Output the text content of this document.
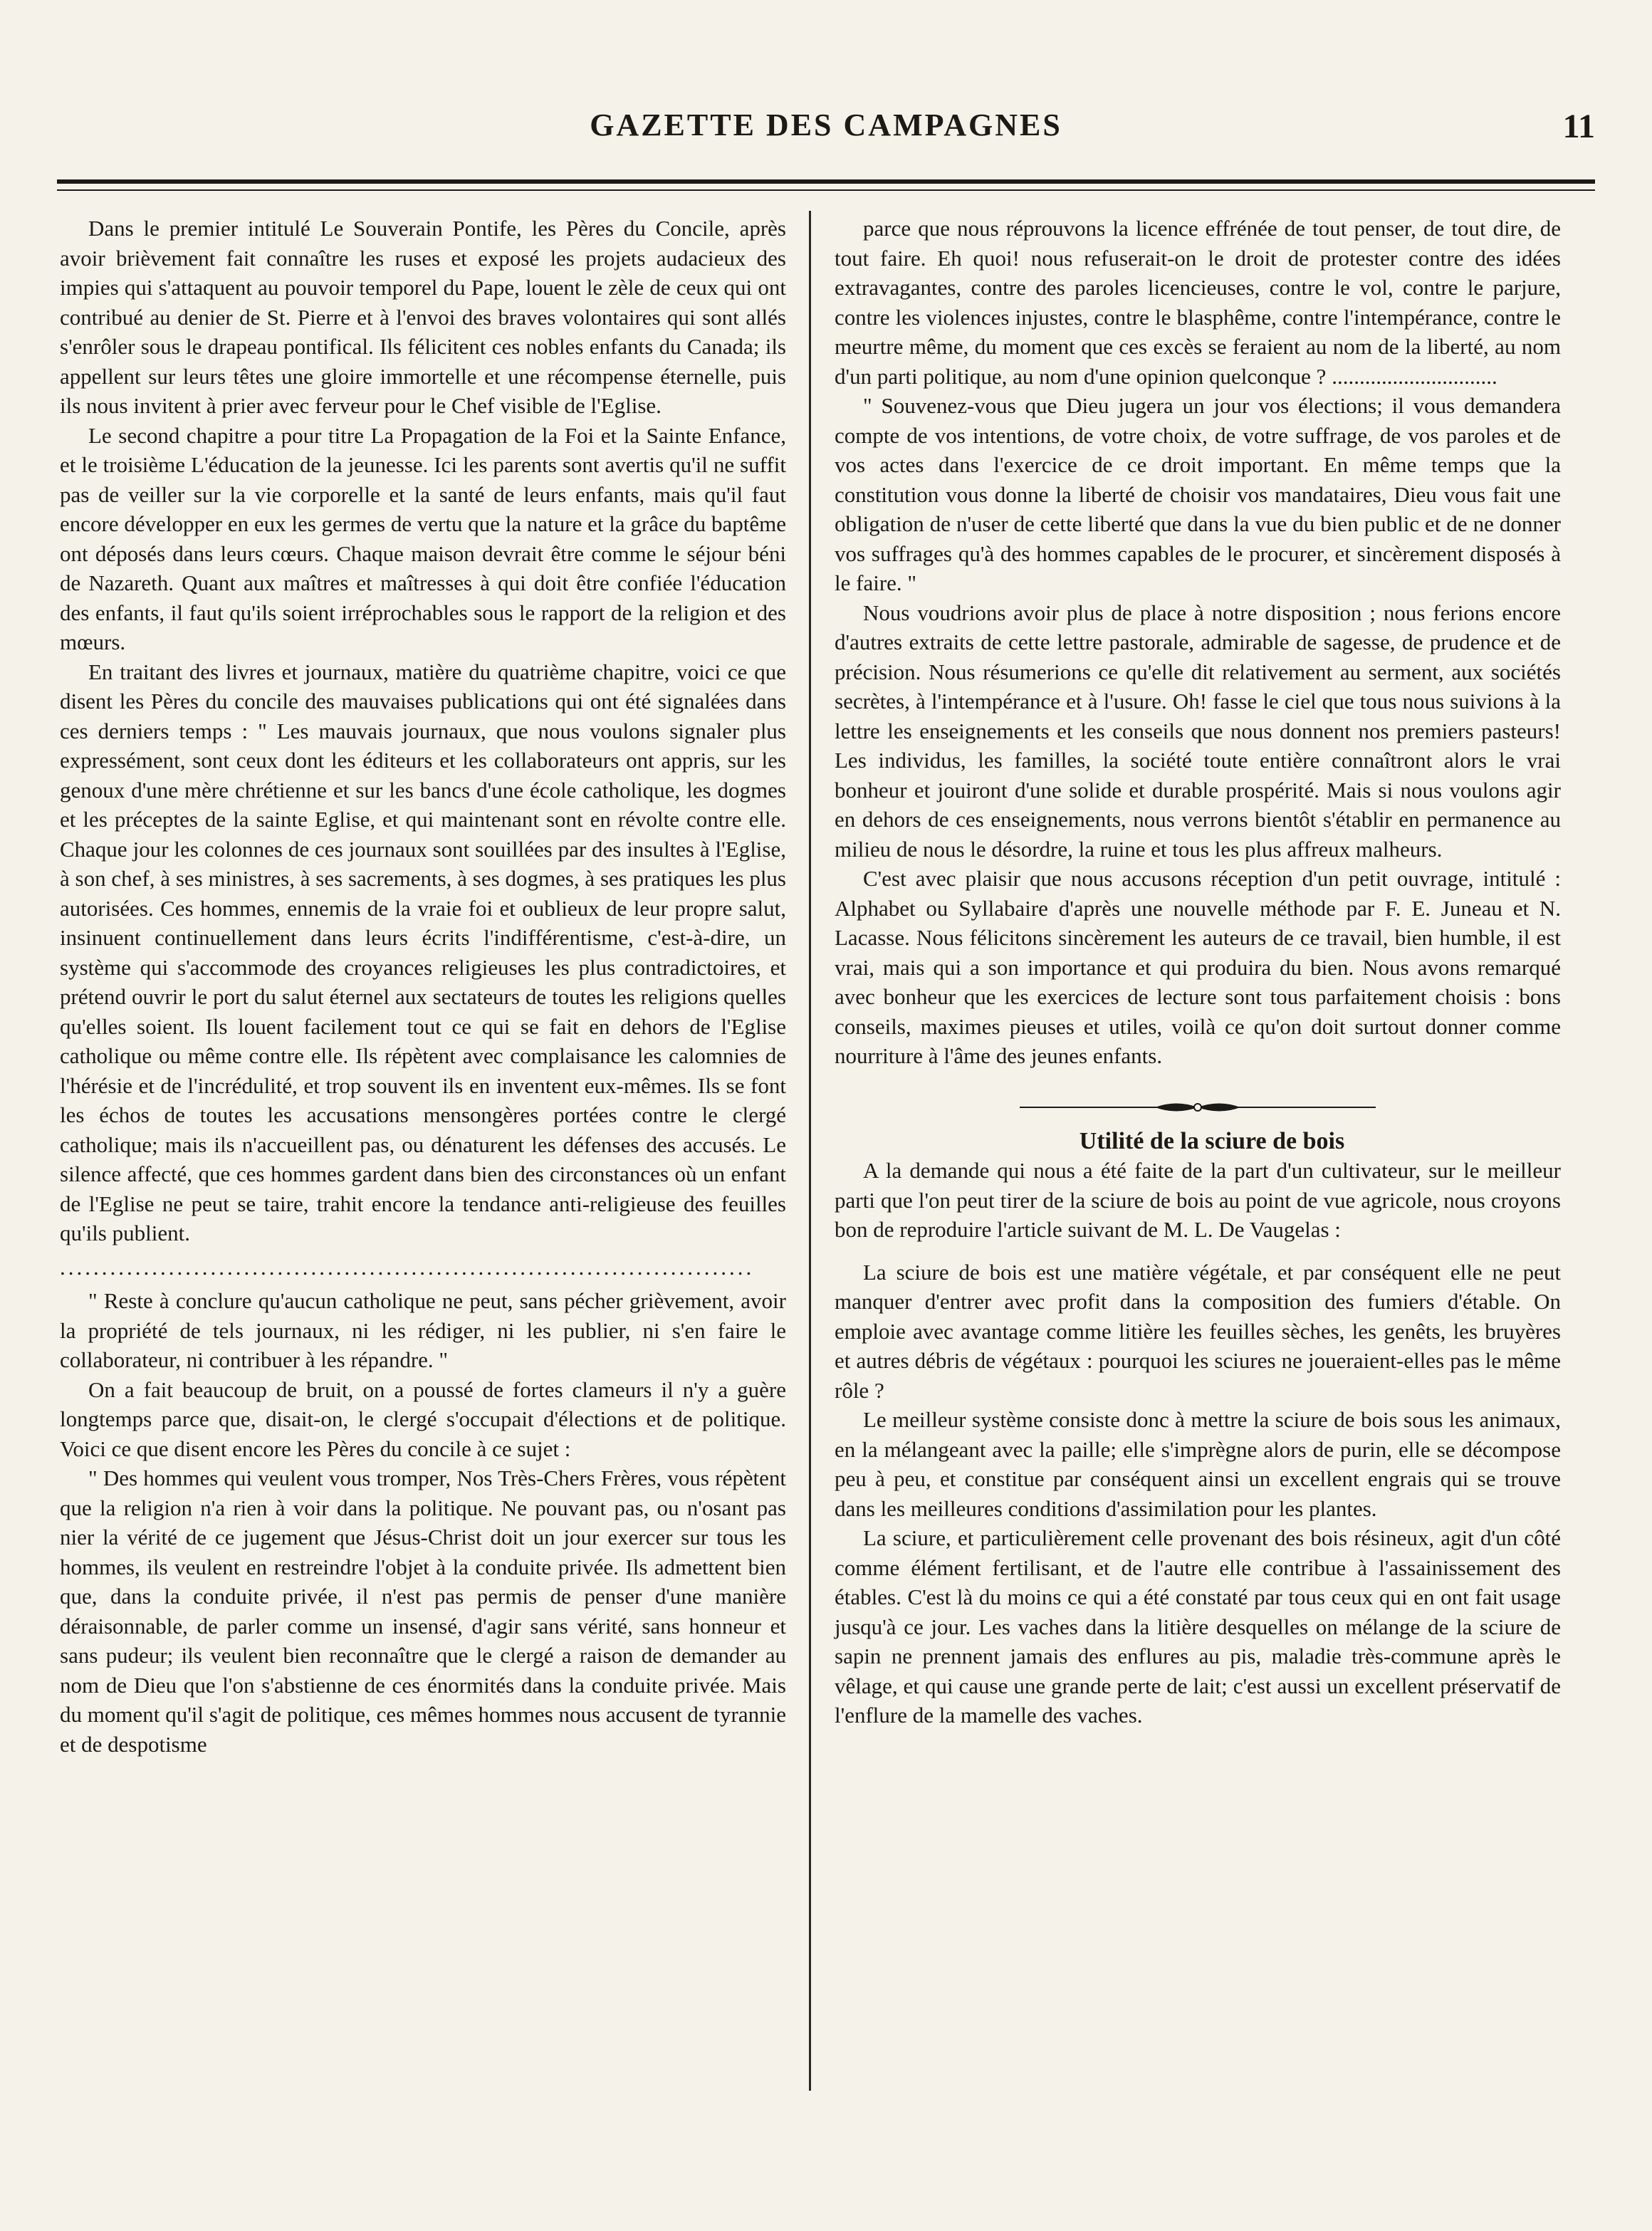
GAZETTE DES CAMPAGNES	11

Dans le premier intitulé Le Souverain Pontife, les Pères du Concile, après avoir brièvement fait connaître les ruses et exposé les projets audacieux des impies qui s'attaquent au pouvoir temporel du Pape, louent le zèle de ceux qui ont contribué au denier de St. Pierre et à l'envoi des braves volontaires qui sont allés s'enrôler sous le drapeau pontifical. Ils félicitent ces nobles enfants du Canada; ils appellent sur leurs têtes une gloire immortelle et une récompense éternelle, puis ils nous invitent à prier avec ferveur pour le Chef visible de l'Eglise.

Le second chapitre a pour titre La Propagation de la Foi et la Sainte Enfance, et le troisième L'éducation de la jeunesse. Ici les parents sont avertis qu'il ne suffit pas de veiller sur la vie corporelle et la santé de leurs enfants, mais qu'il faut encore développer en eux les germes de vertu que la nature et la grâce du baptême ont déposés dans leurs cœurs. Chaque maison devrait être comme le séjour béni de Nazareth. Quant aux maîtres et maîtresses à qui doit être confiée l'éducation des enfants, il faut qu'ils soient irréprochables sous le rapport de la religion et des mœurs.

En traitant des livres et journaux, matière du quatrième chapitre, voici ce que disent les Pères du concile des mauvaises publications qui ont été signalées dans ces derniers temps : " Les mauvais journaux, que nous voulons signaler plus expressément, sont ceux dont les éditeurs et les collaborateurs ont appris, sur les genoux d'une mère chrétienne et sur les bancs d'une école catholique, les dogmes et les préceptes de la sainte Eglise, et qui maintenant sont en révolte contre elle. Chaque jour les colonnes de ces journaux sont souillées par des insultes à l'Eglise, à son chef, à ses ministres, à ses sacrements, à ses dogmes, à ses pratiques les plus autorisées. Ces hommes, ennemis de la vraie foi et oublieux de leur propre salut, insinuent continuellement dans leurs écrits l'indifférentisme, c'est-à-dire, un système qui s'accommode des croyances religieuses les plus contradictoires, et prétend ouvrir le port du salut éternel aux sectateurs de toutes les religions quelles qu'elles soient. Ils louent facilement tout ce qui se fait en dehors de l'Eglise catholique ou même contre elle. Ils répètent avec complaisance les calomnies de l'hérésie et de l'incrédulité, et trop souvent ils en inventent eux-mêmes. Ils se font les échos de toutes les accusations mensongères portées contre le clergé catholique; mais ils n'accueillent pas, ou dénaturent les défenses des accusés. Le silence affecté, que ces hommes gardent dans bien des circonstances où un enfant de l'Eglise ne peut se taire, trahit encore la tendance anti-religieuse des feuilles qu'ils publient.

...................................................................................

" Reste à conclure qu'aucun catholique ne peut, sans pécher grièvement, avoir la propriété de tels journaux, ni les rédiger, ni les publier, ni s'en faire le collaborateur, ni contribuer à les répandre. "

On a fait beaucoup de bruit, on a poussé de fortes clameurs il n'y a guère longtemps parce que, disait-on, le clergé s'occupait d'élections et de politique. Voici ce que disent encore les Pères du concile à ce sujet :

" Des hommes qui veulent vous tromper, Nos Très-Chers Frères, vous répètent que la religion n'a rien à voir dans la politique. Ne pouvant pas, ou n'osant pas nier la vérité de ce jugement que Jésus-Christ doit un jour exercer sur tous les hommes, ils veulent en restreindre l'objet à la conduite privée. Ils admettent bien que, dans la conduite privée, il n'est pas permis de penser d'une manière déraisonnable, de parler comme un insensé, d'agir sans vérité, sans honneur et sans pudeur; ils veulent bien reconnaître que le clergé a raison de demander au nom de Dieu que l'on s'abstienne de ces énormités dans la conduite privée. Mais du moment qu'il s'agit de politique, ces mêmes hommes nous accusent de tyrannie et de despotisme

parce que nous réprouvons la licence effrénée de tout penser, de tout dire, de tout faire. Eh quoi! nous refuserait-on le droit de protester contre des idées extravagantes, contre des paroles licencieuses, contre le vol, contre le parjure, contre les violences injustes, contre le blasphême, contre l'intempérance, contre le meurtre même, du moment que ces excès se feraient au nom de la liberté, au nom d'un parti politique, au nom d'une opinion quelconque ? ..............................

" Souvenez-vous que Dieu jugera un jour vos élections; il vous demandera compte de vos intentions, de votre choix, de votre suffrage, de vos paroles et de vos actes dans l'exercice de ce droit important. En même temps que la constitution vous donne la liberté de choisir vos mandataires, Dieu vous fait une obligation de n'user de cette liberté que dans la vue du bien public et de ne donner vos suffrages qu'à des hommes capables de le procurer, et sincèrement disposés à le faire. "

Nous voudrions avoir plus de place à notre disposition ; nous ferions encore d'autres extraits de cette lettre pastorale, admirable de sagesse, de prudence et de précision. Nous résumerions ce qu'elle dit relativement au serment, aux sociétés secrètes, à l'intempérance et à l'usure. Oh! fasse le ciel que tous nous suivions à la lettre les enseignements et les conseils que nous donnent nos premiers pasteurs! Les individus, les familles, la société toute entière connaîtront alors le vrai bonheur et jouiront d'une solide et durable prospérité. Mais si nous voulons agir en dehors de ces enseignements, nous verrons bientôt s'établir en permanence au milieu de nous le désordre, la ruine et tous les plus affreux malheurs.

C'est avec plaisir que nous accusons réception d'un petit ouvrage, intitulé : Alphabet ou Syllabaire d'après une nouvelle méthode par F. E. Juneau et N. Lacasse. Nous félicitons sincèrement les auteurs de ce travail, bien humble, il est vrai, mais qui a son importance et qui produira du bien. Nous avons remarqué avec bonheur que les exercices de lecture sont tous parfaitement choisis : bons conseils, maximes pieuses et utiles, voilà ce qu'on doit surtout donner comme nourriture à l'âme des jeunes enfants.

Utilité de la sciure de bois

A la demande qui nous a été faite de la part d'un cultivateur, sur le meilleur parti que l'on peut tirer de la sciure de bois au point de vue agricole, nous croyons bon de reproduire l'article suivant de M. L. De Vaugelas :

La sciure de bois est une matière végétale, et par conséquent elle ne peut manquer d'entrer avec profit dans la composition des fumiers d'étable. On emploie avec avantage comme litière les feuilles sèches, les genêts, les bruyères et autres débris de végétaux : pourquoi les sciures ne joueraient-elles pas le même rôle ?

Le meilleur système consiste donc à mettre la sciure de bois sous les animaux, en la mélangeant avec la paille; elle s'imprègne alors de purin, elle se décompose peu à peu, et constitue par conséquent ainsi un excellent engrais qui se trouve dans les meilleures conditions d'assimilation pour les plantes.

La sciure, et particulièrement celle provenant des bois résineux, agit d'un côté comme élément fertilisant, et de l'autre elle contribue à l'assainissement des étables. C'est là du moins ce qui a été constaté par tous ceux qui en ont fait usage jusqu'à ce jour. Les vaches dans la litière desquelles on mélange de la sciure de sapin ne prennent jamais des enflures au pis, maladie très-commune après le vêlage, et qui cause une grande perte de lait; c'est aussi un excellent préservatif de l'enflure de la mamelle des vaches.
